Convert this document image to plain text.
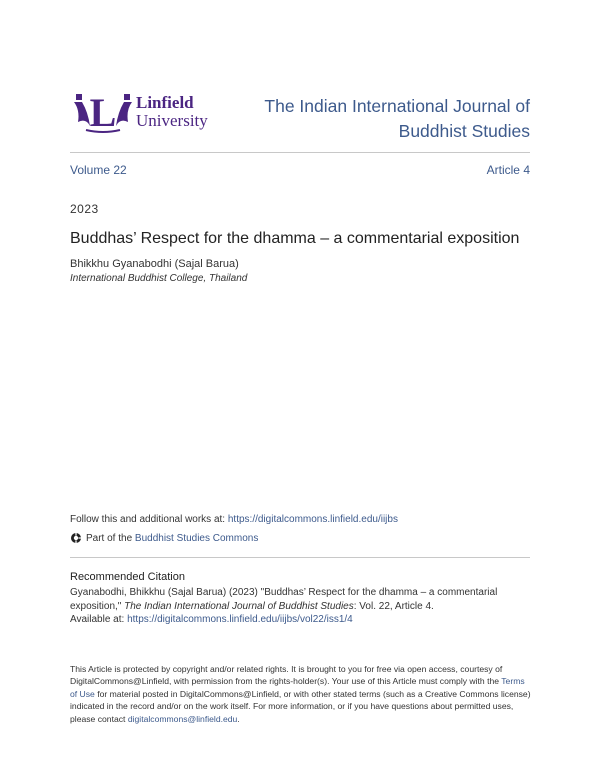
L Linfield
University
The Indian International Journal of Buddhist Studies
Volume 22	Article 4
2023
Buddhas’ Respect for the dhamma – a commentarial exposition
Bhikkhu Gyanabodhi (Sajal Barua)
International Buddhist College, Thailand
Follow this and additional works at: https://digitalcommons.linfield.edu/iijbs
Part of the
Buddhist Studies Commons
Recommended Citation
Gyanabodhi, Bhikkhu (Sajal Barua) (2023) "Buddhas’ Respect for the dhamma – a commentarial exposition," The Indian International Journal of Buddhist Studies: Vol. 22, Article 4.
Available at: https://digitalcommons.linfield.edu/iijbs/vol22/iss1/4
This Article is protected by copyright and/or related rights. It is brought to you for free via open access, courtesy of DigitalCommons@Linfield, with permission from the rights-holder(s). Your use of this Article must comply with the Terms of Use for material posted in DigitalCommons@Linfield, or with other stated terms (such as a Creative Commons license) indicated in the record and/or on the work itself. For more information, or if you have questions about permitted uses, please contact digitalcommons@linfield.edu.
